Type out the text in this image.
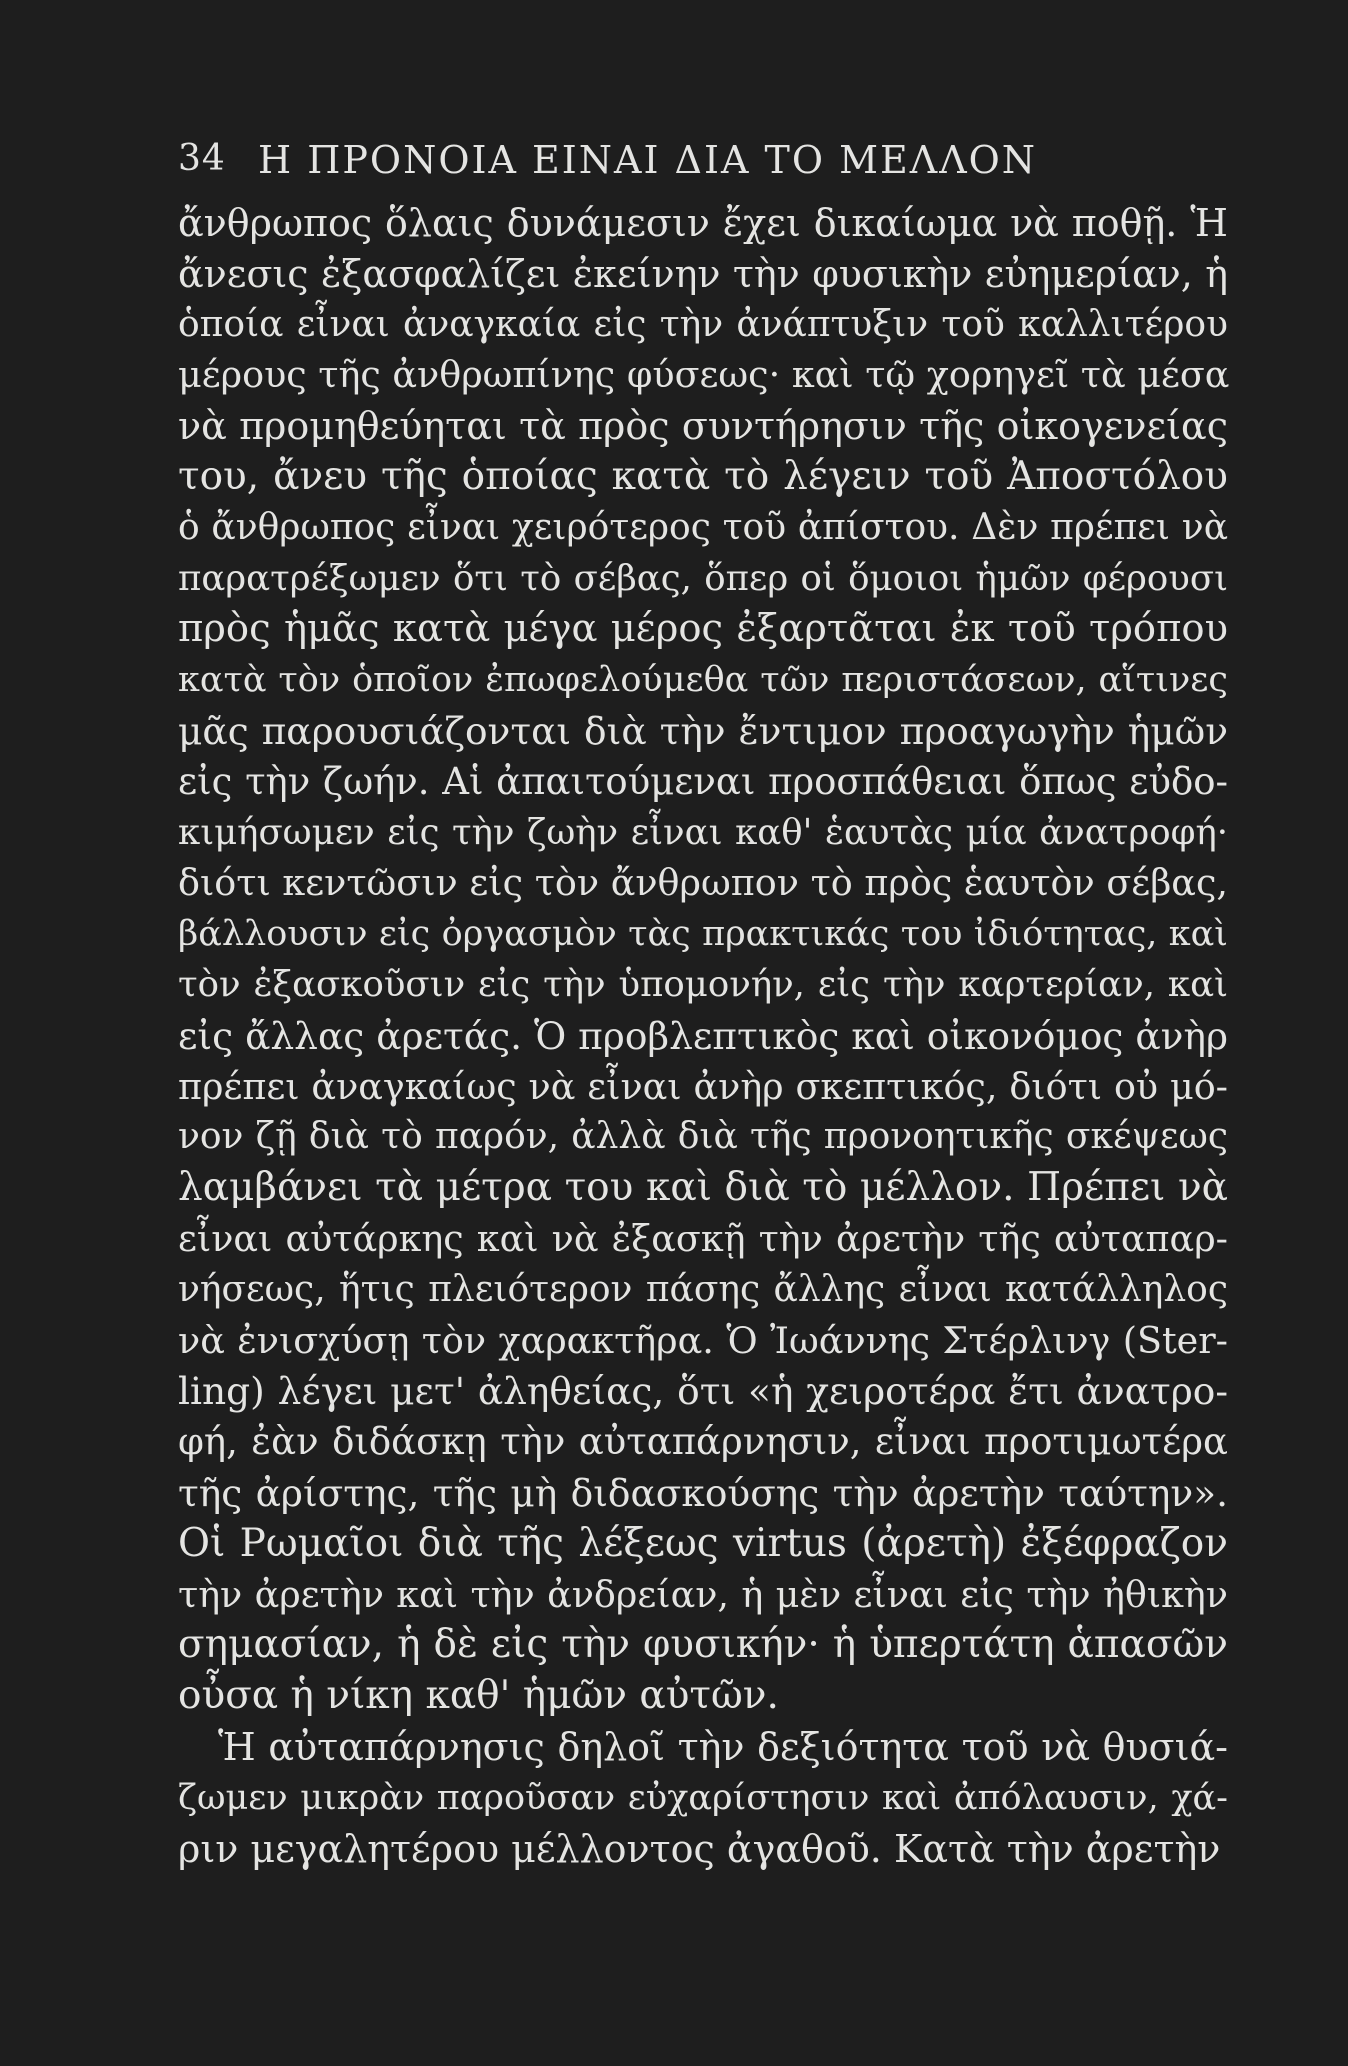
34 Η ΠΡΟΝΟΙΑ ΕΙΝΑΙ ΔΙΑ ΤΟ ΜΕΛΛΟΝ
ἄνθρωπος ὅλαις δυνάμεσιν ἔχει δικαίωμα νὰ ποθῇ. Ἡ
ἄνεσις ἐξασφαλίζει ἐκείνην τὴν φυσικὴν εὐημερίαν, ἡ
ὁποία εἶναι ἀναγκαία εἰς τὴν ἀνάπτυξιν τοῦ καλλιτέρου
μέρους τῆς ἀνθρωπίνης φύσεως· καὶ τῷ χορηγεῖ τὰ μέσα
νὰ προμηθεύηται τὰ πρὸς συντήρησιν τῆς οἰκογενείας
του, ἄνευ τῆς ὁποίας κατὰ τὸ λέγειν τοῦ Ἀποστόλου
ὁ ἄνθρωπος εἶναι χειρότερος τοῦ ἀπίστου. Δὲν πρέπει νὰ
παρατρέξωμεν ὅτι τὸ σέβας, ὅπερ οἱ ὅμοιοι ἡμῶν φέρουσι
πρὸς ἡμᾶς κατὰ μέγα μέρος ἐξαρτᾶται ἐκ τοῦ τρόπου
κατὰ τὸν ὁποῖον ἐπωφελούμεθα τῶν περιστάσεων, αἵτινες
μᾶς παρουσιάζονται διὰ τὴν ἔντιμον προαγωγὴν ἡμῶν
εἰς τὴν ζωήν. Αἱ ἀπαιτούμεναι προσπάθειαι ὅπως εὐδο-
κιμήσωμεν εἰς τὴν ζωὴν εἶναι καθ' ἑαυτὰς μία ἀνατροφή·
διότι κεντῶσιν εἰς τὸν ἄνθρωπον τὸ πρὸς ἑαυτὸν σέβας,
βάλλουσιν εἰς ὀργασμὸν τὰς πρακτικάς του ἰδιότητας, καὶ
τὸν ἐξασκοῦσιν εἰς τὴν ὑπομονήν, εἰς τὴν καρτερίαν, καὶ
εἰς ἄλλας ἀρετάς. Ὁ προβλεπτικὸς καὶ οἰκονόμος ἀνὴρ
πρέπει ἀναγκαίως νὰ εἶναι ἀνὴρ σκεπτικός, διότι οὐ μό-
νον ζῇ διὰ τὸ παρόν, ἀλλὰ διὰ τῆς προνοητικῆς σκέψεως
λαμβάνει τὰ μέτρα του καὶ διὰ τὸ μέλλον. Πρέπει νὰ
εἶναι αὐτάρκης καὶ νὰ ἐξασκῇ τὴν ἀρετὴν τῆς αὐταπαρ-
νήσεως, ἥτις πλειότερον πάσης ἄλλης εἶναι κατάλληλος
νὰ ἐνισχύσῃ τὸν χαρακτῆρα. Ὁ Ἰωάννης Στέρλινγ (Ster-
ling) λέγει μετ' ἀληθείας, ὅτι «ἡ χειροτέρα ἔτι ἀνατρο-
φή, ἐὰν διδάσκῃ τὴν αὐταπάρνησιν, εἶναι προτιμωτέρα
τῆς ἀρίστης, τῆς μὴ διδασκούσης τὴν ἀρετὴν ταύτην».
Οἱ Ρωμαῖοι διὰ τῆς λέξεως virtus (ἀρετὴ) ἐξέφραζον
τὴν ἀρετὴν καὶ τὴν ἀνδρείαν, ἡ μὲν εἶναι εἰς τὴν ἠθικὴν
σημασίαν, ἡ δὲ εἰς τὴν φυσικήν· ἡ ὑπερτάτη ἁπασῶν
οὖσα ἡ νίκη καθ' ἡμῶν αὐτῶν.
Ἡ αὐταπάρνησις δηλοῖ τὴν δεξιότητα τοῦ νὰ θυσιά-
ζωμεν μικρὰν παροῦσαν εὐχαρίστησιν καὶ ἀπόλαυσιν, χά-
ριν μεγαλητέρου μέλλοντος ἀγαθοῦ. Κατὰ τὴν ἀρετὴν
